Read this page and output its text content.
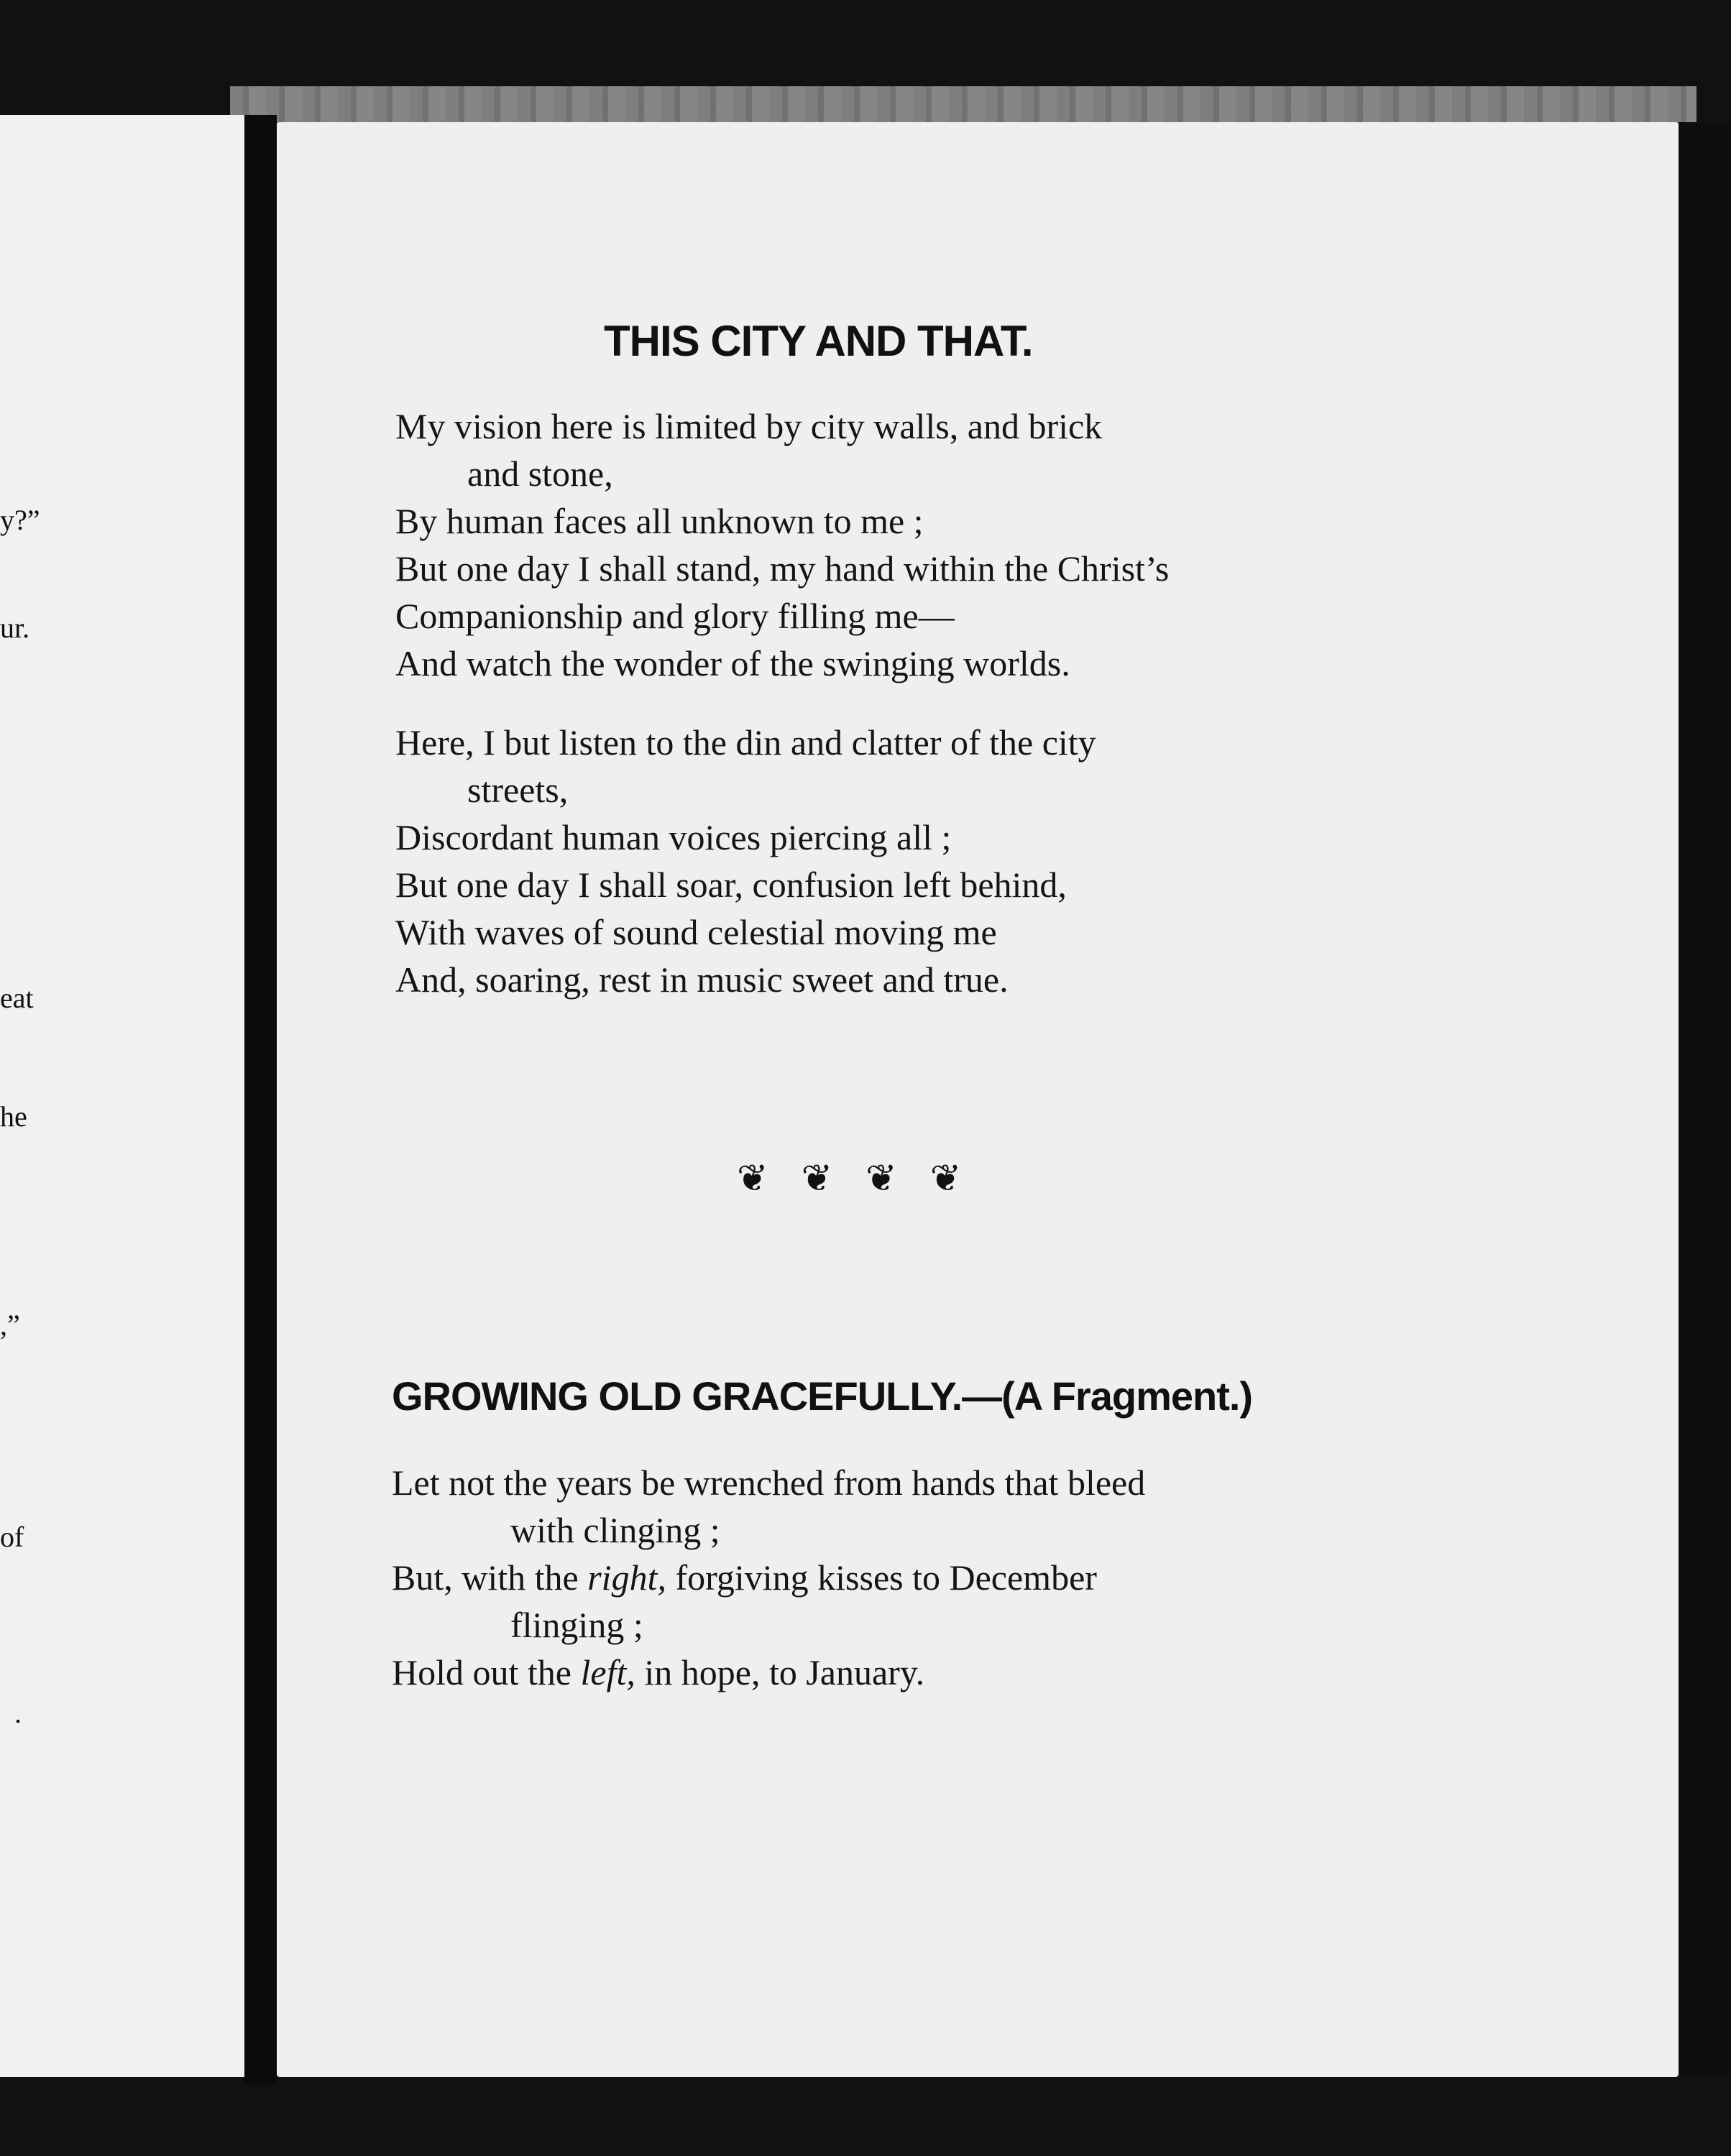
y?”
ur.
eat
he
,”
of
.
THIS CITY AND THAT.
My vision here is limited by city walls, and brick
and stone,
By human faces all unknown to me ;
But one day I shall stand, my hand within the Christ’s
Companionship and glory filling me—
And watch the wonder of the swinging worlds.
Here, I but listen to the din and clatter of the city
streets,
Discordant human voices piercing all ;
But one day I shall soar, confusion left behind,
With waves of sound celestial moving me
And, soaring, rest in music sweet and true.
❦❦❦❦
GROWING OLD GRACEFULLY.—(A Fragment.)
Let not the years be wrenched from hands that bleed
with clinging ;
But, with the right, forgiving kisses to December
flinging ;
Hold out the left, in hope, to January.
